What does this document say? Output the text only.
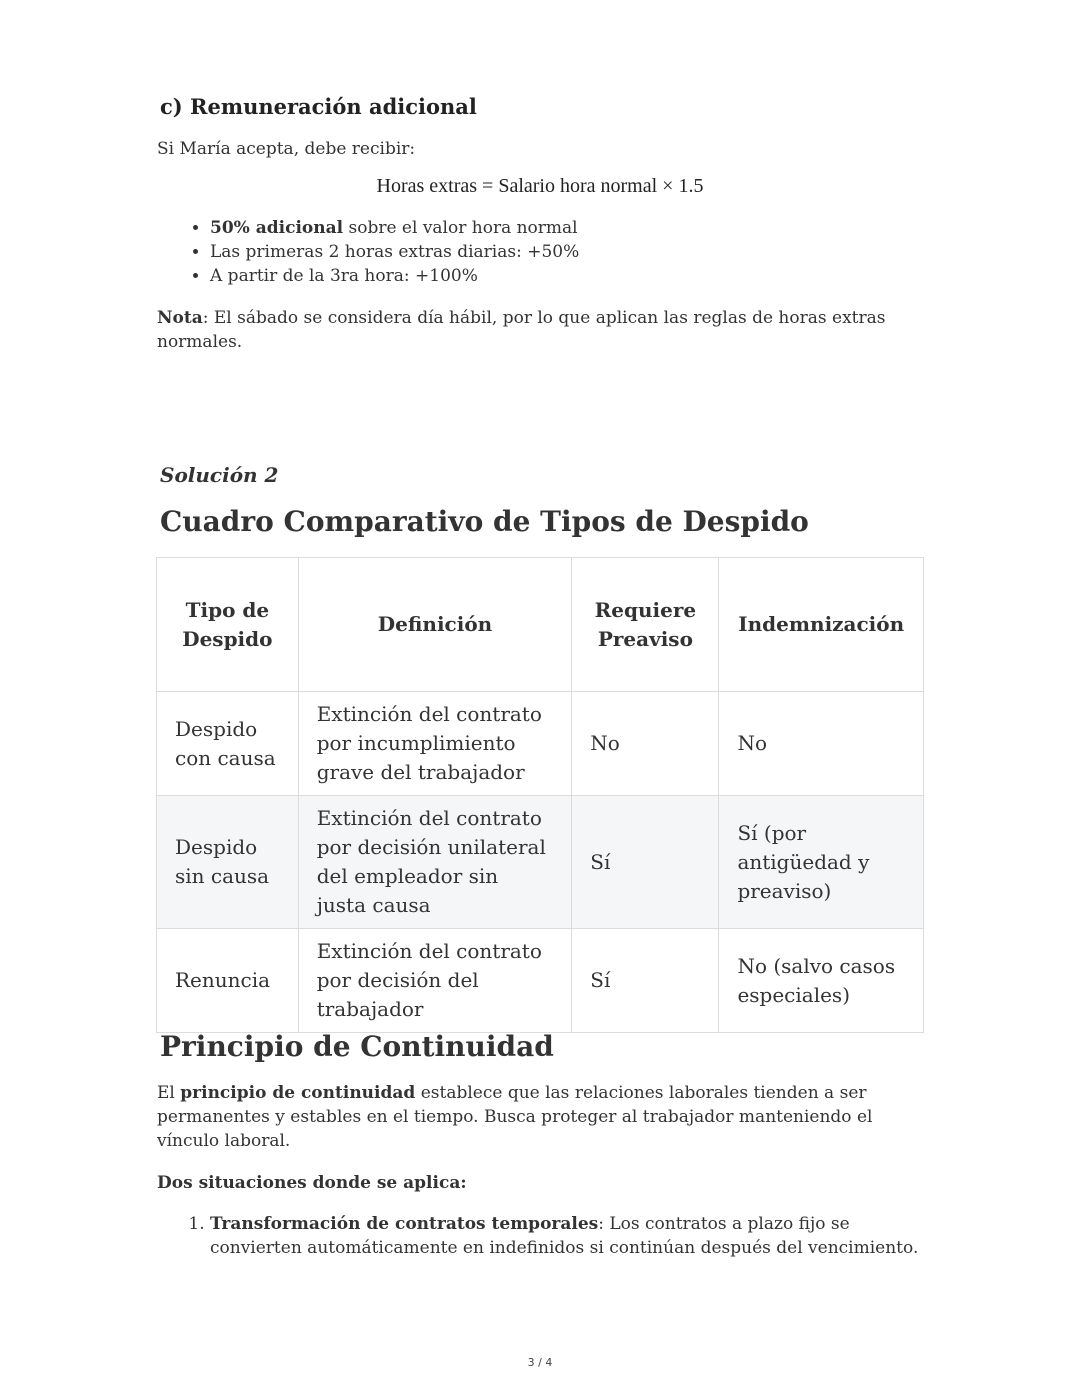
c) Remuneración adicional
Si María acepta, debe recibir:
Horas extras = Salario hora normal × 1.5
• 50% adicional sobre el valor hora normal
• Las primeras 2 horas extras diarias: +50%
• A partir de la 3ra hora: +100%
Nota: El sábado se considera día hábil, por lo que aplican las reglas de horas extras normales.
Solución 2
Cuadro Comparativo de Tipos de Despido
Tipo de Despido	Definición	Requiere Preaviso	Indemnización
Despido con causa	Extinción del contrato por incumplimiento grave del trabajador	No	No
Despido sin causa	Extinción del contrato por decisión unilateral del empleador sin justa causa	Sí	Sí (por antigüedad y preaviso)
Renuncia	Extinción del contrato por decisión del trabajador	Sí	No (salvo casos especiales)
Principio de Continuidad
El principio de continuidad establece que las relaciones laborales tienden a ser permanentes y estables en el tiempo. Busca proteger al trabajador manteniendo el vínculo laboral.
Dos situaciones donde se aplica:
1. Transformación de contratos temporales: Los contratos a plazo fijo se convierten automáticamente en indefinidos si continúan después del vencimiento.
3 / 4
